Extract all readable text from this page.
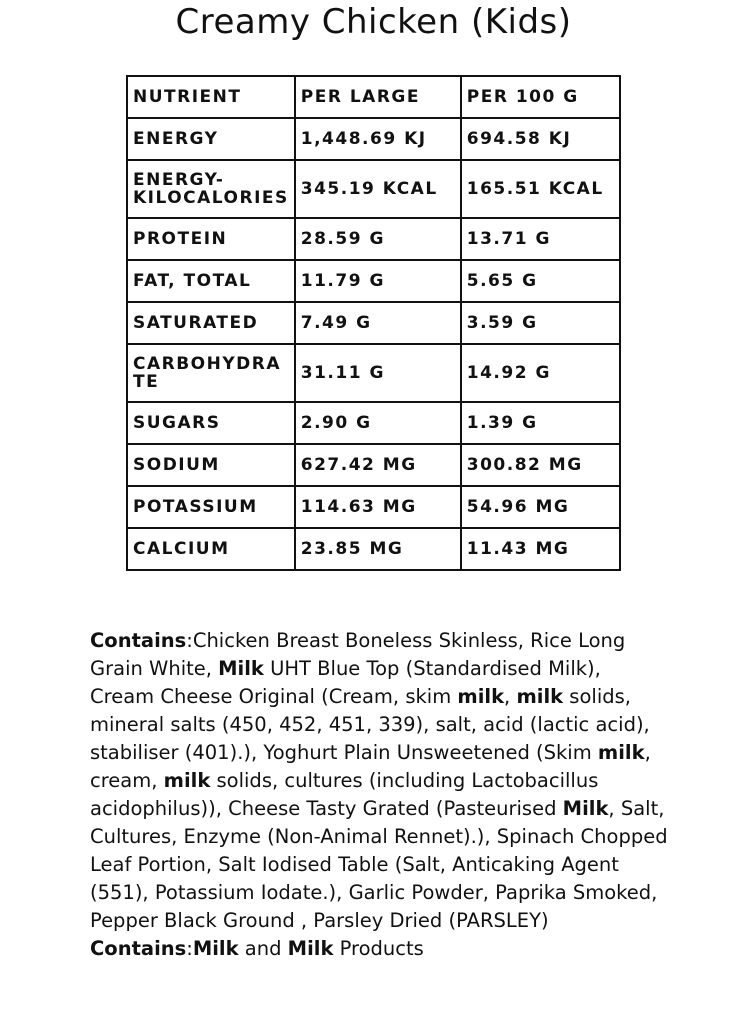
Creamy Chicken (Kids)
NUTRIENT	PER LARGE	PER 100 G
ENERGY	1,448.69 KJ	694.58 KJ
ENERGY-KILOCALORIES	345.19 KCAL	165.51 KCAL
PROTEIN	28.59 G	13.71 G
FAT, TOTAL	11.79 G	5.65 G
SATURATED	7.49 G	3.59 G
CARBOHYDRATE	31.11 G	14.92 G
SUGARS	2.90 G	1.39 G
SODIUM	627.42 MG	300.82 MG
POTASSIUM	114.63 MG	54.96 MG
CALCIUM	23.85 MG	11.43 MG

Contains:Chicken Breast Boneless Skinless, Rice Long Grain White, Milk UHT Blue Top (Standardised Milk), Cream Cheese Original (Cream, skim milk, milk solids, mineral salts (450, 452, 451, 339), salt, acid (lactic acid), stabiliser (401).), Yoghurt Plain Unsweetened (Skim milk, cream, milk solids, cultures (including Lactobacillus acidophilus)), Cheese Tasty Grated (Pasteurised Milk, Salt, Cultures, Enzyme (Non-Animal Rennet).), Spinach Chopped Leaf Portion, Salt Iodised Table (Salt, Anticaking Agent (551), Potassium Iodate.), Garlic Powder, Paprika Smoked, Pepper Black Ground , Parsley Dried (PARSLEY)

Contains:Milk and Milk Products
